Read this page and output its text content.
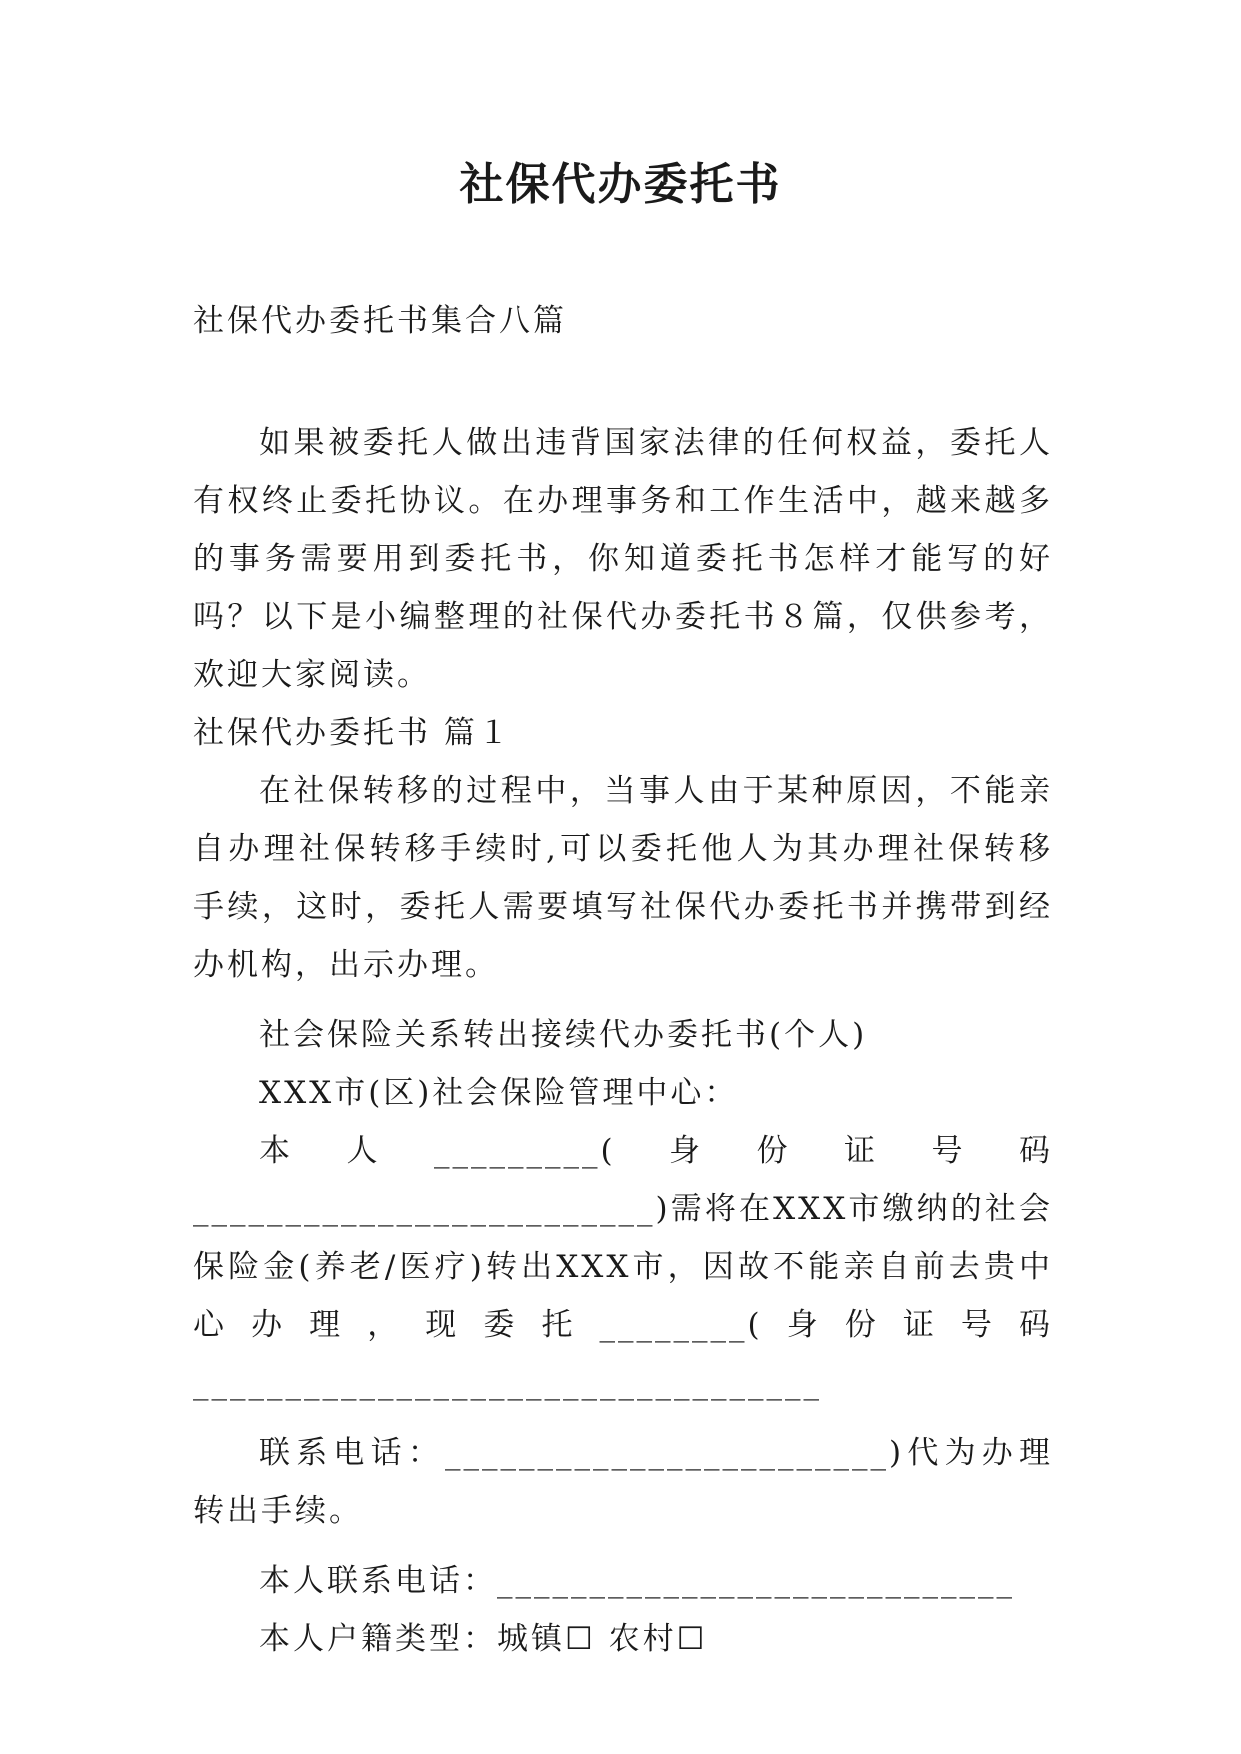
社保代办委托书

社保代办委托书集合八篇

如果被委托人做出违背国家法律的任何权益，委托人有权终止委托协议。在办理事务和工作生活中，越来越多的事务需要用到委托书，你知道委托书怎样才能写的好吗？以下是小编整理的社保代办委托书８篇，仅供参考，欢迎大家阅读。

社保代办委托书 篇１

在社保转移的过程中，当事人由于某种原因，不能亲自办理社保转移手续时,可以委托他人为其办理社保转移手续，这时，委托人需要填写社保代办委托书并携带到经办机构，出示办理。

社会保险关系转出接续代办委托书(个人)

XXX市(区)社会保险管理中心：

本人_________(身份证号码_________________________)需将在XXX市缴纳的社会保险金(养老/医疗)转出XXX市，因故不能亲自前去贵中心办理，现委托________(身份证号码__________________________________

联系电话：________________________)代为办理转出手续。

本人联系电话：____________________________

本人户籍类型：城镇☐ 农村☐
